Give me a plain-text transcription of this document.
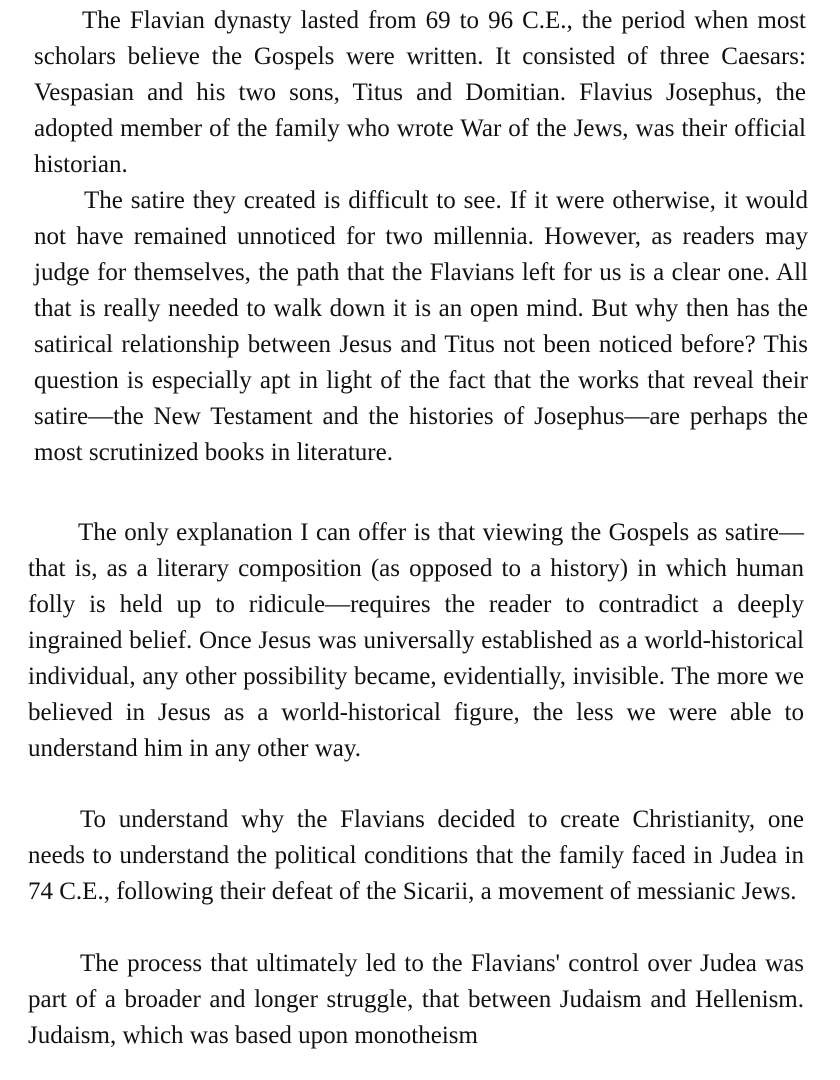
The Flavian dynasty lasted from 69 to 96 C.E., the period when most scholars believe the Gospels were written. It consisted of three Caesars: Vespasian and his two sons, Titus and Domitian. Flavius Josephus, the adopted member of the family who wrote War of the Jews, was their official historian.

The satire they created is difficult to see. If it were otherwise, it would not have remained unnoticed for two millennia. However, as readers may judge for themselves, the path that the Flavians left for us is a clear one. All that is really needed to walk down it is an open mind. But why then has the satirical relationship between Jesus and Titus not been noticed before? This question is especially apt in light of the fact that the works that reveal their satire—the New Testament and the histories of Josephus—are perhaps the most scrutinized books in literature.

The only explanation I can offer is that viewing the Gospels as satire—that is, as a literary composition (as opposed to a history) in which human folly is held up to ridicule—requires the reader to contradict a deeply ingrained belief. Once Jesus was universally established as a world-historical individual, any other possibility became, evidentially, invisible. The more we believed in Jesus as a world-historical figure, the less we were able to understand him in any other way.

To understand why the Flavians decided to create Christianity, one needs to understand the political conditions that the family faced in Judea in 74 C.E., following their defeat of the Sicarii, a movement of messianic Jews.

The process that ultimately led to the Flavians' control over Judea was part of a broader and longer struggle, that between Judaism and Hellenism. Judaism, which was based upon monotheism
